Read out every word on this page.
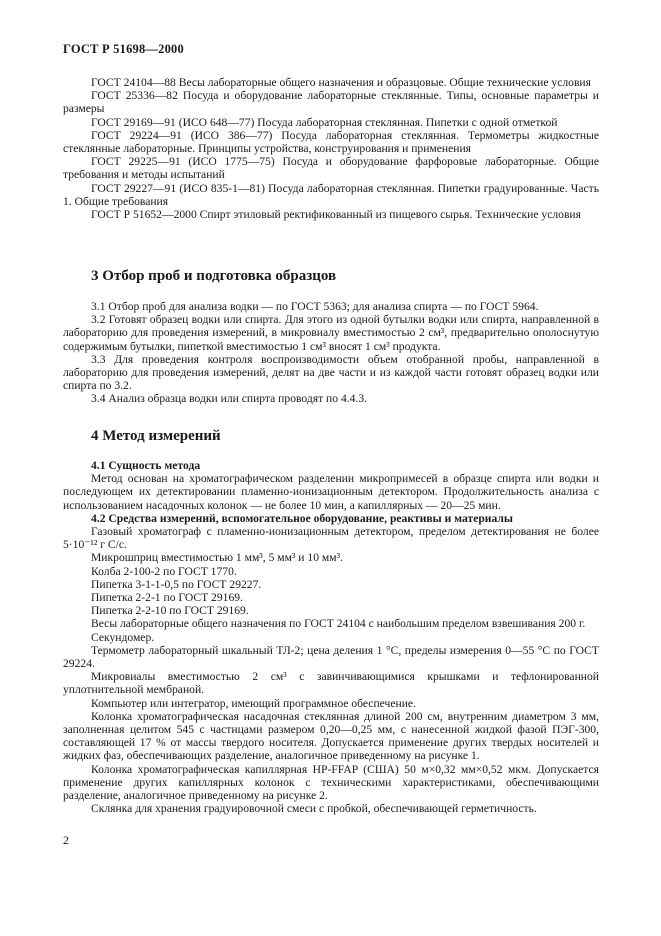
ГОСТ Р 51698—2000

ГОСТ 24104—88 Весы лабораторные общего назначения и образцовые. Общие технические условия

ГОСТ 25336—82 Посуда и оборудование лабораторные стеклянные. Типы, основные параметры и размеры

ГОСТ 29169—91 (ИСО 648—77) Посуда лабораторная стеклянная. Пипетки с одной отметкой

ГОСТ 29224—91 (ИСО 386—77) Посуда лабораторная стеклянная. Термометры жидкостные стеклянные лабораторные. Принципы устройства, конструирования и применения

ГОСТ 29225—91 (ИСО 1775—75) Посуда и оборудование фарфоровые лабораторные. Общие требования и методы испытаний

ГОСТ 29227—91 (ИСО 835-1—81) Посуда лабораторная стеклянная. Пипетки градуированные. Часть 1. Общие требования

ГОСТ Р 51652—2000 Спирт этиловый ректификованный из пищевого сырья. Технические условия

3 Отбор проб и подготовка образцов

3.1 Отбор проб для анализа водки — по ГОСТ 5363; для анализа спирта — по ГОСТ 5964.

3.2 Готовят образец водки или спирта. Для этого из одной бутылки водки или спирта, направленной в лабораторию для проведения измерений, в микровиалу вместимостью 2 см³, предварительно ополоснутую содержимым бутылки, пипеткой вместимостью 1 см³ вносят 1 см³ продукта.

3.3 Для проведения контроля воспроизводимости объем отобранной пробы, направленной в лабораторию для проведения измерений, делят на две части и из каждой части готовят образец водки или спирта по 3.2.

3.4 Анализ образца водки или спирта проводят по 4.4.3.

4 Метод измерений

4.1 Сущность метода

Метод основан на хроматографическом разделении микропримесей в образце спирта или водки и последующем их детектировании пламенно-ионизационным детектором. Продолжительность анализа с использованием насадочных колонок — не более 10 мин, а капиллярных — 20—25 мин.

4.2 Средства измерений, вспомогательное оборудование, реактивы и материалы

Газовый хроматограф с пламенно-ионизационным детектором, пределом детектирования не более 5·10⁻¹² г С/с.

Микрошприц вместимостью 1 мм³, 5 мм³ и 10 мм³.

Колба 2-100-2 по ГОСТ 1770.

Пипетка 3-1-1-0,5 по ГОСТ 29227.

Пипетка 2-2-1 по ГОСТ 29169.

Пипетка 2-2-10 по ГОСТ 29169.

Весы лабораторные общего назначения по ГОСТ 24104 с наибольшим пределом взвешивания 200 г.

Секундомер.

Термометр лабораторный шкальный ТЛ-2; цена деления 1 °С, пределы измерения 0—55 °С по ГОСТ 29224.

Микровиалы вместимостью 2 см³ с завинчивающимися крышками и тефлонированной уплотнительной мембраной.

Компьютер или интегратор, имеющий программное обеспечение.

Колонка хроматографическая насадочная стеклянная длиной 200 см, внутренним диаметром 3 мм, заполненная целитом 545 с частицами размером 0,20—0,25 мм, с нанесенной жидкой фазой ПЭГ-300, составляющей 17 % от массы твердого носителя. Допускается применение других твердых носителей и жидких фаз, обеспечивающих разделение, аналогичное приведенному на рисунке 1.

Колонка хроматографическая капиллярная HP-FFAP (США) 50 м×0,32 мм×0,52 мкм. Допускается применение других капиллярных колонок с техническими характеристиками, обеспечивающими разделение, аналогичное приведенному на рисунке 2.

Склянка для хранения градуировочной смеси с пробкой, обеспечивающей герметичность.

2
